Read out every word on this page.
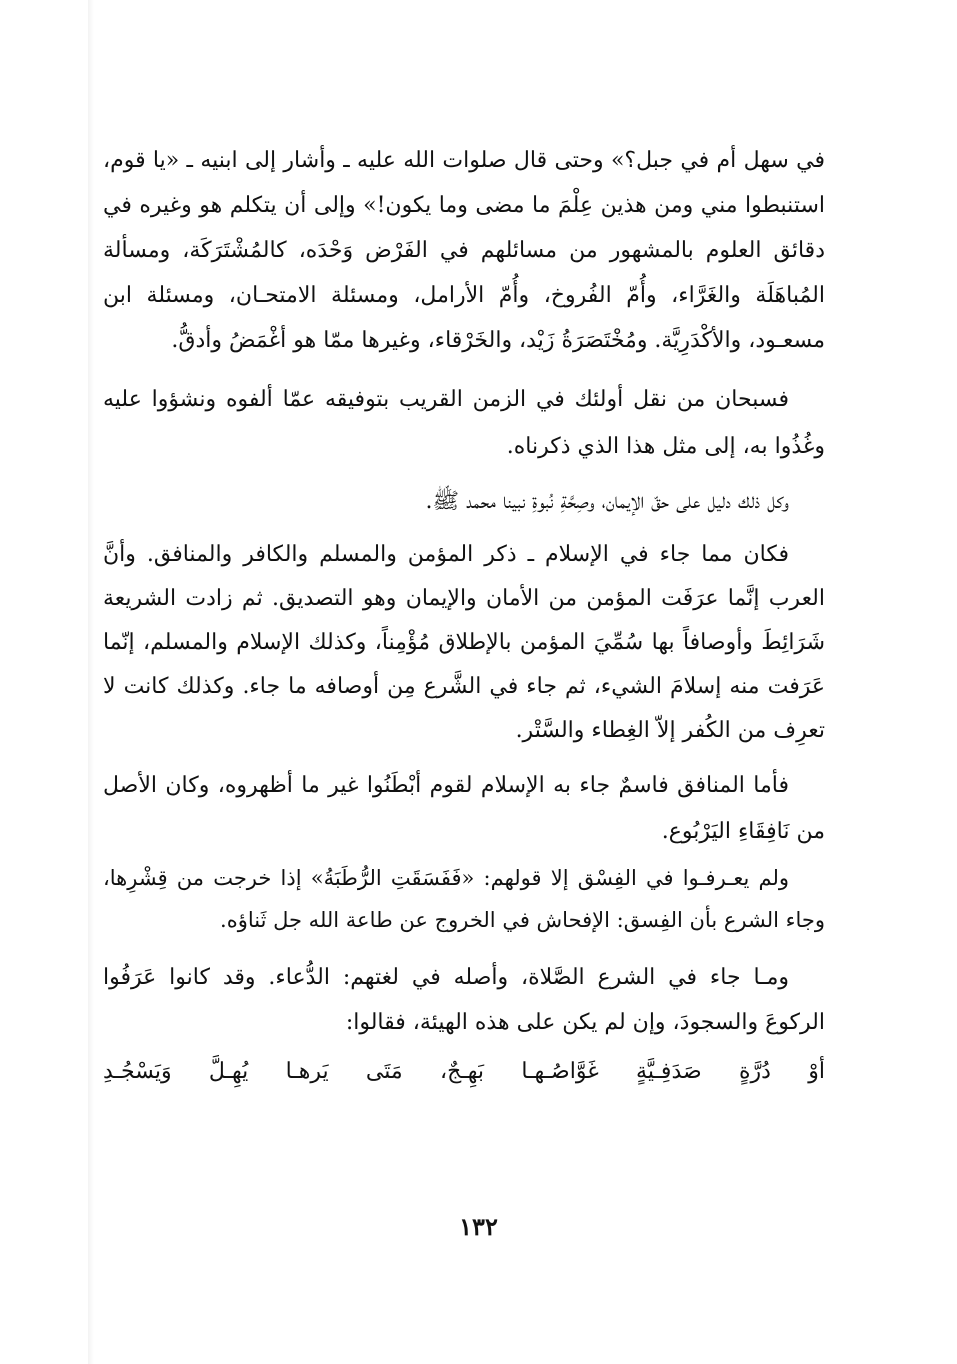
في سهل أم في جبل؟» وحتى قال صلوات الله عليه ـ وأشار إلى ابنيه ـ «يا قوم، استنبطوا مني ومن هذين عِلْمَ ما مضى وما يكون!» وإلى أن يتكلم هو وغيره في دقائق العلوم بالمشهور من مسائلهم في الفَرْض وَحْدَه، كالمُشْتَرَكَة، ومسألة المُباهَلَة والغَرَّاء، وأُمّ الفُروخ، وأُمّ الأرامل، ومسئلة الامتحـان، ومسئلة ابن مسعـود، والأكْدَرِيَّة. ومُخْتَصَرَةُ زَيْد، والخَرْقاء، وغيرها ممّا هو أغْمَضُ وأدقُّ.

فسبحان من نقل أولئك في الزمن القريب بتوفيقه عمّا ألفوه ونشؤوا عليه وغُذُوا به، إلى مثل هذا الذي ذكرناه.

وكل ذلك دليل على حقّ الإيمان، وصِحَّةِ نُبوةِ نبينا محمد ﷺ.

فكان مما جاء في الإسلام ـ ذكر المؤمن والمسلم والكافر والمنافق. وأنَّ العرب إنَّما عرَفَت المؤمن من الأمان والإيمان وهو التصديق. ثم زادت الشريعة شَرَائِطَ وأوصافاً بها سُمِّيَ المؤمن بالإطلاق مُؤْمِناً، وكذلك الإسلام والمسلم، إنّما عَرَفت منه إسلامَ الشيء، ثم جاء في الشَّرع مِن أوصافه ما جاء. وكذلك كانت لا تعرِف من الكُفر إلاّ الغِطاء والسَّتْر.

فأما المنافق فاسمٌ جاء به الإسلام لقوم أبْطَنُوا غير ما أظهروه، وكان الأصل من نَافِقَاءِ اليَرْبُوع.

ولم يعـرفـوا في الفِسْق إلا قولهم: «فَفَسَقَتِ الرُّطَبَةُ» إذا خرجت من قِشْرِها، وجاء الشرع بأن الفِسق: الإفحاش في الخروج عن طاعة الله جل ثَناؤه.

ومـا جاء في الشرع الصَّلاة، وأصله في لغتهم: الدُّعاء. وقد كانوا عَرَفُوا الركوعَ والسجودَ، وإن لم يكن على هذه الهيئة، فقالوا:

أوْ دُرَّةٍ صَدَفِـيَّةٍ غَوَّاصُـهـا بَهِـجٌ، مَتَى يَرهـا يُهِـلَّ وَيَسْجُـدِ

١٣٢
